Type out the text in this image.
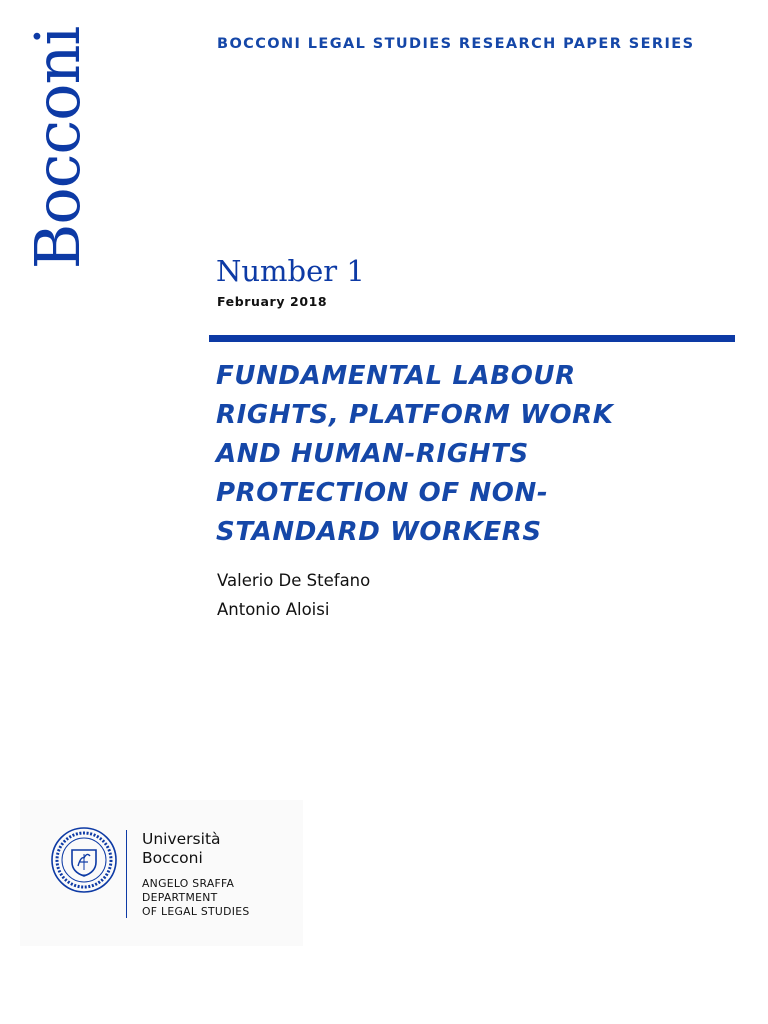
Bocconi	BOCCONI LEGAL STUDIES RESEARCH PAPER SERIES
Number 1
February 2018
FUNDAMENTAL LABOUR
RIGHTS, PLATFORM WORK
AND HUMAN-RIGHTS
PROTECTION OF NON-
STANDARD WORKERS
Valerio De Stefano
Antonio Aloisi
Università
Bocconi
ANGELO SRAFFA
DEPARTMENT
OF LEGAL STUDIES
